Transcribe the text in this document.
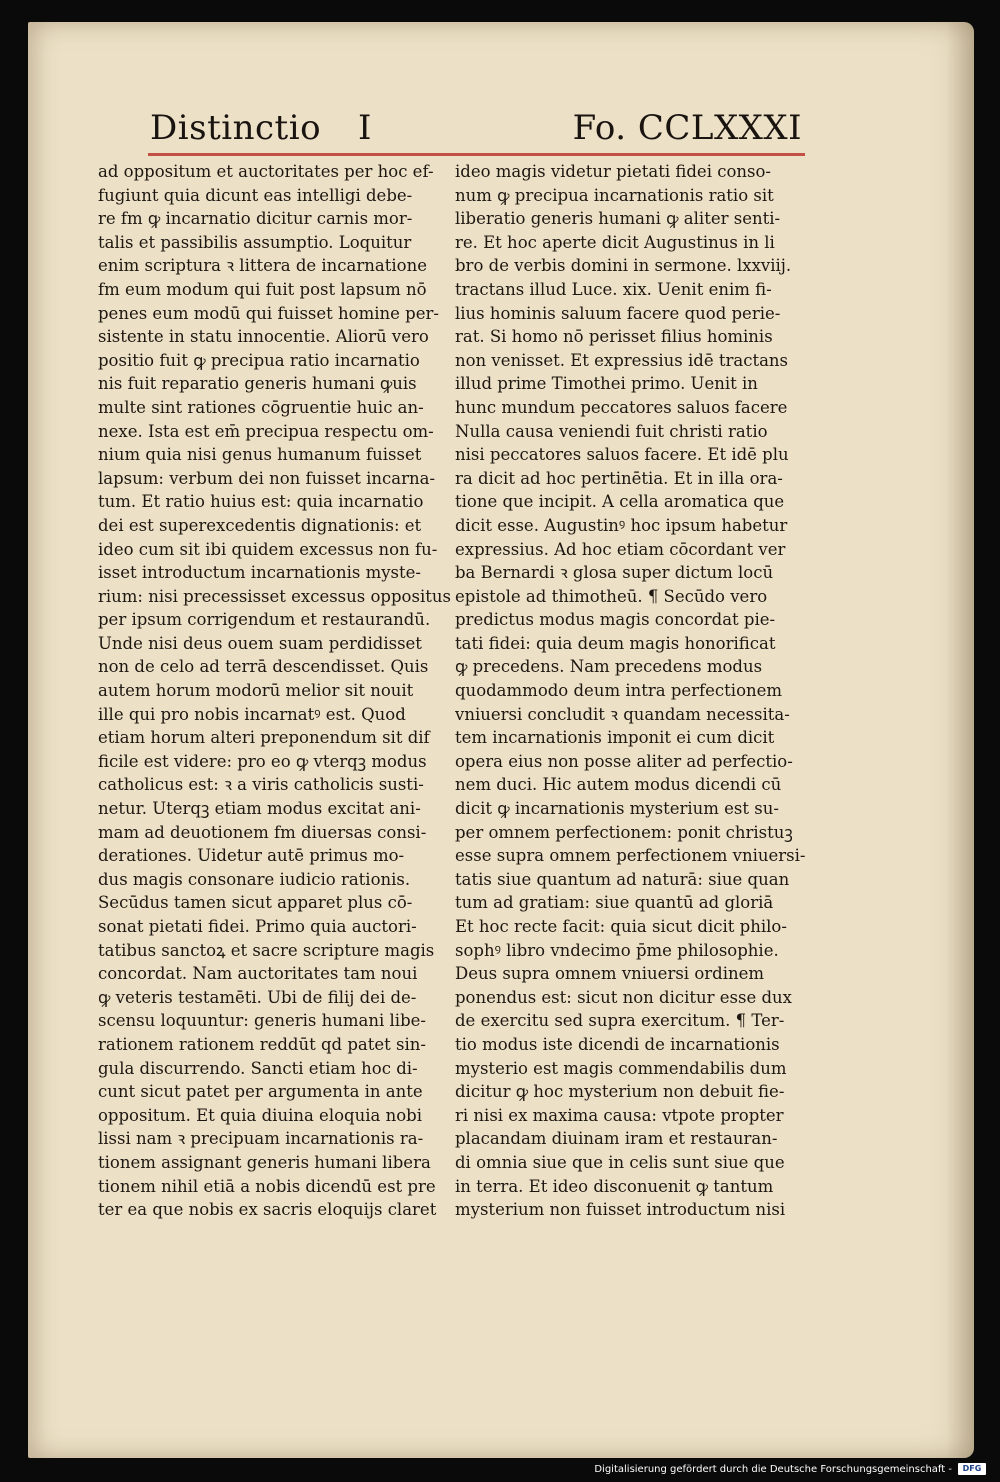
Distinctio I	Fo. CCLXXXI
ad oppositum et auctoritates per hoc ef-
fugiunt quia dicunt eas intelligi debe-
re fm ꝙ incarnatio dicitur carnis mor-
talis et passibilis assumptio. Loquitur
enim scriptura ꝛ littera de incarnatione
fm eum modum qui fuit post lapsum nō
penes eum modū qui fuisset homine per-
sistente in statu innocentie. Aliorū vero
positio fuit ꝙ precipua ratio incarnatio
nis fuit reparatio generis humani ꝙuis
multe sint rationes cōgruentie huic an-
nexe. Ista est em̄ precipua respectu om-
nium quia nisi genus humanum fuisset
lapsum: verbum dei non fuisset incarna-
tum. Et ratio huius est: quia incarnatio
dei est superexcedentis dignationis: et
ideo cum sit ibi quidem excessus non fu-
isset introductum incarnationis myste-
rium: nisi precessisset excessus oppositus
per ipsum corrigendum et restaurandū.
Unde nisi deus ouem suam perdidisset
non de celo ad terrā descendisset. Quis
autem horum modorū melior sit nouit
ille qui pro nobis incarnatꝰ est. Quod
etiam horum alteri preponendum sit dif
ficile est videre: pro eo ꝙ vterqꝫ modus
catholicus est: ꝛ a viris catholicis susti-
netur. Uterqꝫ etiam modus excitat ani-
mam ad deuotionem fm diuersas consi-
derationes. Uidetur autē primus mo-
dus magis consonare iudicio rationis.
Secūdus tamen sicut apparet plus cō-
sonat pietati fidei. Primo quia auctori-
tatibus sanctoꝝ et sacre scripture magis
concordat. Nam auctoritates tam noui
ꝙ veteris testamēti. Ubi de filij dei de-
scensu loquuntur: generis humani libe-
rationem rationem reddūt qd patet sin-
gula discurrendo. Sancti etiam hoc di-
cunt sicut patet per argumenta in ante
oppositum. Et quia diuina eloquia nobi
lissi nam ꝛ precipuam incarnationis ra-
tionem assignant generis humani libera
tionem nihil etiā a nobis dicendū est pre
ter ea que nobis ex sacris eloquijs claret
ideo magis videtur pietati fidei conso-
num ꝙ precipua incarnationis ratio sit
liberatio generis humani ꝙ aliter senti-
re. Et hoc aperte dicit Augustinus in li
bro de verbis domini in sermone. lxxviij.
tractans illud Luce. xix. Uenit enim fi-
lius hominis saluum facere quod perie-
rat. Si homo nō perisset filius hominis
non venisset. Et expressius idē tractans
illud prime Timothei primo. Uenit in
hunc mundum peccatores saluos facere
Nulla causa veniendi fuit christi ratio
nisi peccatores saluos facere. Et idē plu
ra dicit ad hoc pertinētia. Et in illa ora-
tione que incipit. A cella aromatica que
dicit esse. Augustinꝰ hoc ipsum habetur
expressius. Ad hoc etiam cōcordant ver
ba Bernardi ꝛ glosa super dictum locū
epistole ad thimotheū. ¶ Secūdo vero
predictus modus magis concordat pie-
tati fidei: quia deum magis honorificat
ꝙ precedens. Nam precedens modus
quodammodo deum intra perfectionem
vniuersi concludit ꝛ quandam necessita-
tem incarnationis imponit ei cum dicit
opera eius non posse aliter ad perfectio-
nem duci. Hic autem modus dicendi cū
dicit ꝙ incarnationis mysterium est su-
per omnem perfectionem: ponit christuꝫ
esse supra omnem perfectionem vniuersi-
tatis siue quantum ad naturā: siue quan
tum ad gratiam: siue quantū ad gloriā
Et hoc recte facit: quia sicut dicit philo-
sophꝰ libro vndecimo p̄me philosophie.
Deus supra omnem vniuersi ordinem
ponendus est: sicut non dicitur esse dux
de exercitu sed supra exercitum. ¶ Ter-
tio modus iste dicendi de incarnationis
mysterio est magis commendabilis dum
dicitur ꝙ hoc mysterium non debuit fie-
ri nisi ex maxima causa: vtpote propter
placandam diuinam iram et restauran-
di omnia siue que in celis sunt siue que
in terra. Et ideo disconuenit ꝙ tantum
mysterium non fuisset introductum nisi
Digitalisierung gefördert durch die Deutsche Forschungsgemeinschaft -	DFG
